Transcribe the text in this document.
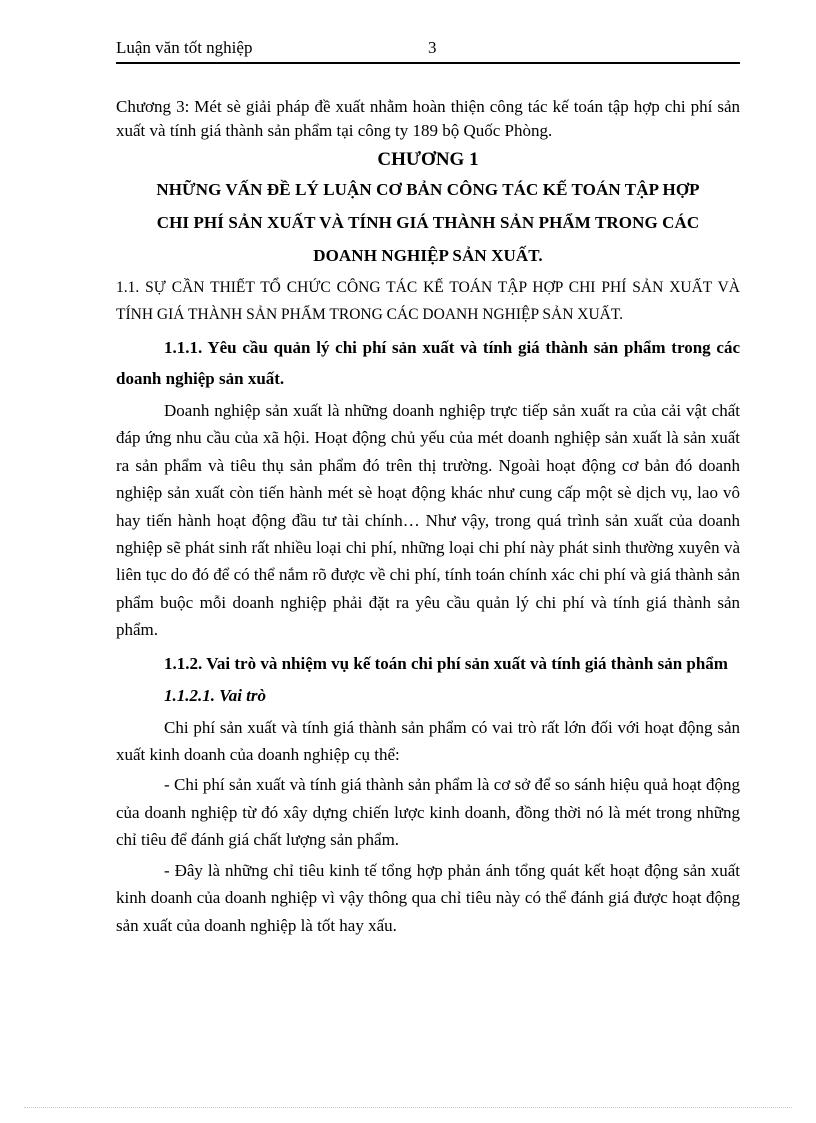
Luận văn tốt nghiệp	3

Chương 3: Mét sè giải pháp đề xuất nhằm hoàn thiện công tác kế toán tập hợp chi phí sản xuất và tính giá thành sản phẩm tại công ty 189 bộ Quốc Phòng.

CHƯƠNG 1
NHỮNG VẤN ĐỀ LÝ LUẬN CƠ BẢN CÔNG TÁC KẾ TOÁN TẬP HỢP
CHI PHÍ SẢN XUẤT VÀ TÍNH GIÁ THÀNH SẢN PHẨM TRONG CÁC
DOANH NGHIỆP SẢN XUẤT.

1.1. SỰ CẦN THIẾT TỔ CHỨC CÔNG TÁC KẾ TOÁN TẬP HỢP CHI PHÍ SẢN XUẤT VÀ TÍNH GIÁ THÀNH SẢN PHẨM TRONG CÁC DOANH NGHIỆP SẢN XUẤT.

1.1.1. Yêu cầu quản lý chi phí sản xuất và tính giá thành sản phẩm trong các doanh nghiệp sản xuất.

Doanh nghiệp sản xuất là những doanh nghiệp trực tiếp sản xuất ra của cải vật chất đáp ứng nhu cầu của xã hội. Hoạt động chủ yếu của mét doanh nghiệp sản xuất là sản xuất ra sản phẩm và tiêu thụ sản phẩm đó trên thị trường. Ngoài hoạt động cơ bản đó doanh nghiệp sản xuất còn tiến hành mét sè hoạt động khác như cung cấp một sè dịch vụ, lao vô hay tiến hành hoạt động đầu tư tài chính… Như vậy, trong quá trình sản xuất của doanh nghiệp sẽ phát sinh rất nhiều loại chi phí, những loại chi phí này phát sinh thường xuyên và liên tục do đó để có thể nắm rõ được về chi phí, tính toán chính xác chi phí và giá thành sản phẩm buộc mỗi doanh nghiệp phải đặt ra yêu cầu quản lý chi phí và tính giá thành sản phẩm.

1.1.2. Vai trò và nhiệm vụ kế toán chi phí sản xuất và tính giá thành sản phẩm

1.1.2.1. Vai trò

Chi phí sản xuất và tính giá thành sản phẩm có vai trò rất lớn đối với hoạt động sản xuất kinh doanh của doanh nghiệp cụ thể:

- Chi phí sản xuất và tính giá thành sản phẩm là cơ sở để so sánh hiệu quả hoạt động của doanh nghiệp từ đó xây dựng chiến lược kinh doanh, đồng thời nó là mét trong những chỉ tiêu để đánh giá chất lượng sản phẩm.

- Đây là những chỉ tiêu kinh tế tổng hợp phản ánh tổng quát kết hoạt động sản xuất kinh doanh của doanh nghiệp vì vậy thông qua chỉ tiêu này có thể đánh giá được hoạt động sản xuất của doanh nghiệp là tốt hay xấu.
